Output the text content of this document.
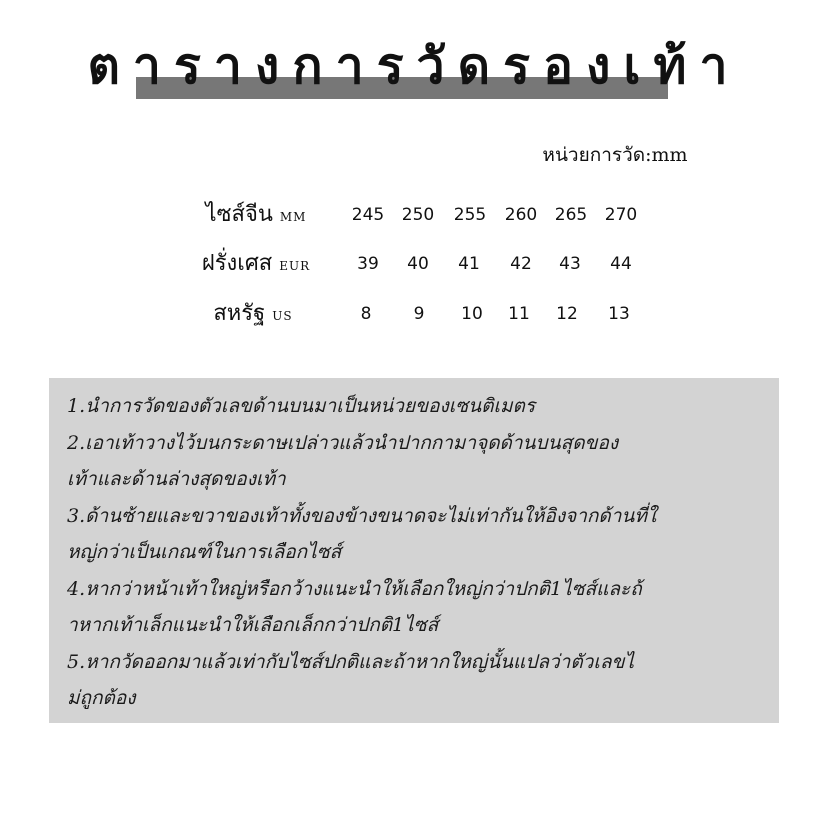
ตารางการวัดรองเท้า
หน่วยการวัด:mm
ไซส์จีน MM	245	250	255	260	265	270
ฝรั่งเศส EUR	39	40	41	42	43	44
สหรัฐ US	8	9	10	11	12	13
1.นำการวัดของตัวเลขด้านบนมาเป็นหน่วยของเซนติเมตร
2.เอาเท้าวางไว้บนกระดาษเปล่าวแล้วนำปากกามาจุดด้านบนสุดของ
เท้าและด้านล่างสุดของเท้า
3.ด้านซ้ายและขวาของเท้าทั้งของข้างขนาดจะไม่เท่ากันให้อิงจากด้านที่ใ
หญ่กว่าเป็นเกณฑ์ในการเลือกไซส์
4.หากว่าหน้าเท้าใหญ่หรือกว้างแนะนำให้เลือกใหญ่กว่าปกติ1ไซส์และถ้
าหากเท้าเล็กแนะนำให้เลือกเล็กกว่าปกติ1ไซส์
5.หากวัดออกมาแล้วเท่ากับไซส์ปกติและถ้าหากใหญ่นั้นแปลว่าตัวเลขไ
ม่ถูกต้อง
